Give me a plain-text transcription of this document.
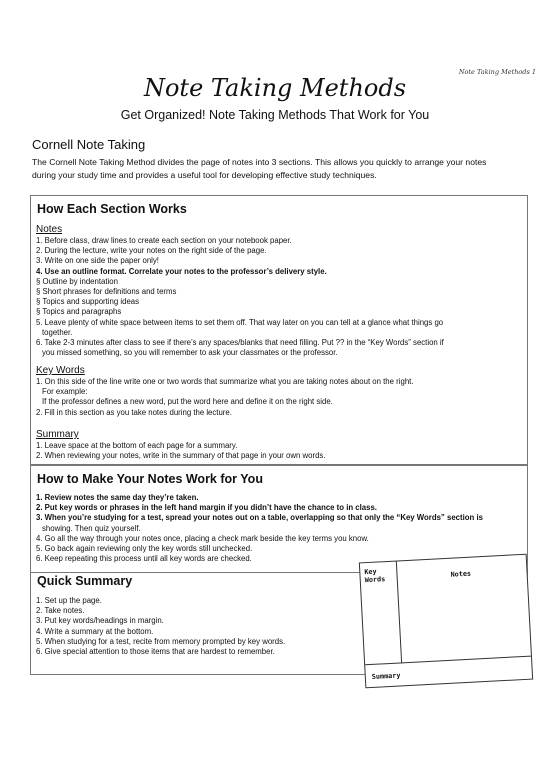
Note Taking Methods 1
Note Taking Methods
Get Organized! Note Taking Methods That Work for You
Cornell Note Taking
The Cornell Note Taking Method divides the page of notes into 3 sections. This allows you quickly to arrange your notes
during your study time and provides a useful tool for developing effective study techniques.
How Each Section Works
Notes
1. Before class, draw lines to create each section on your notebook paper.
2. During the lecture, write your notes on the right side of the page.
3. Write on one side the paper only!
4. Use an outline format. Correlate your notes to the professor’s delivery style.
§ Outline by indentation
§ Short phrases for definitions and terms
§ Topics and supporting ideas
§ Topics and paragraphs
5. Leave plenty of white space between items to set them off. That way later on you can tell at a glance what things go
together.
6. Take 2-3 minutes after class to see if there’s any spaces/blanks that need filling. Put ?? in the “Key Words” section if
you missed something, so you will remember to ask your classmates or the professor.
Key Words
1. On this side of the line write one or two words that summarize what you are taking notes about on the right.
For example:
If the professor defines a new word, put the word here and define it on the right side.
2. Fill in this section as you take notes during the lecture.
Summary
1. Leave space at the bottom of each page for a summary.
2. When reviewing your notes, write in the summary of that page in your own words.
How to Make Your Notes Work for You
1. Review notes the same day they’re taken.
2. Put key words or phrases in the left hand margin if you didn’t have the chance to in class.
3. When you’re studying for a test, spread your notes out on a table, overlapping so that only the “Key Words” section is
showing. Then quiz yourself.
4. Go all the way through your notes once, placing a check mark beside the key terms you know.
5. Go back again reviewing only the key words still unchecked.
6. Keep repeating this process until all key words are checked.
Quick Summary
1. Set up the page.
2. Take notes.
3. Put key words/headings in margin.
4. Write a summary at the bottom.
5. When studying for a test, recite from memory prompted by key words.
6. Give special attention to those items that are hardest to remember.
Key Words
Notes
Summary
